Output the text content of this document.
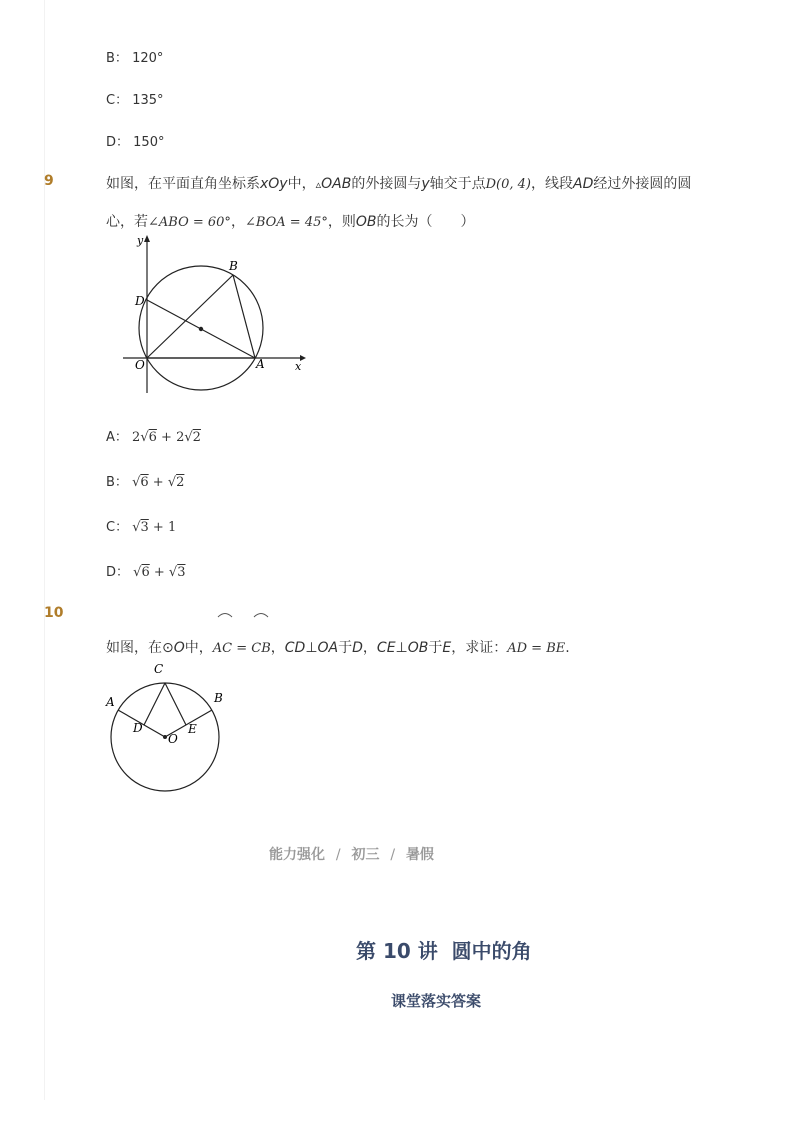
B： 120°
C： 135°
D： 150°
9	如图，在平面直角坐标系xOy中，▵OAB的外接圆与y轴交于点D(0, 4)，线段AD经过外接圆的圆
心，若∠ABO = 60°，∠BOA = 45°，则OB的长为（　　）
y
x
O	A
B
D
A： 2√6 + 2√2
B： √6 + √2
C： √3 + 1
D： √6 + √3
10
如图，在⊙O中，AC = CB，CD⊥OA于D，CE⊥OB于E，求证：AD = BE.
A	B
C
D	E
O
能力强化 / 初三 / 暑假
第 10 讲  圆中的角
课堂落实答案
